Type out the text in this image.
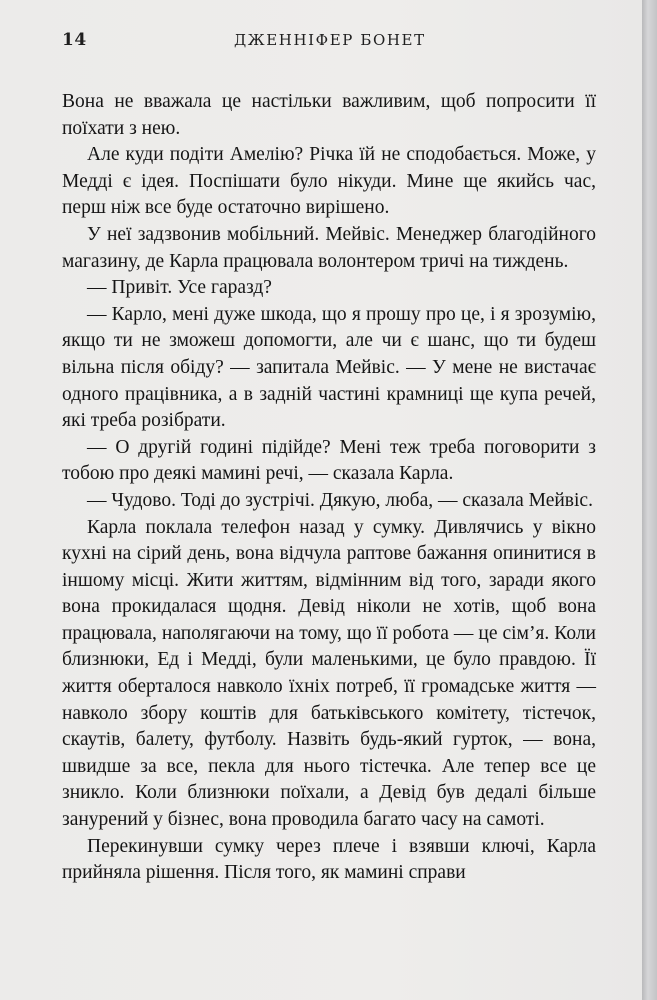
14	ДЖЕННІФЕР БОНЕТ

Вона не вважала це настільки важливим, щоб попросити її поїхати з нею.

Але куди подіти Амелію? Річка їй не сподобається. Може, у Медді є ідея. Поспішати було нікуди. Мине ще якийсь час, перш ніж все буде остаточно вирішено.

У неї задзвонив мобільний. Мейвіс. Менеджер благодійного магазину, де Карла працювала волонтером тричі на тиждень.

— Привіт. Усе гаразд?

— Карло, мені дуже шкода, що я прошу про це, і я зрозумію, якщо ти не зможеш допомогти, але чи є шанс, що ти будеш вільна після обіду? — запитала Мейвіс. — У мене не вистачає одного працівника, а в задній частині крамниці ще купа речей, які треба розібрати.

— О другій годині підійде? Мені теж треба поговорити з тобою про деякі мамині речі, — сказала Карла.

— Чудово. Тоді до зустрічі. Дякую, люба, — сказала Мейвіс.

Карла поклала телефон назад у сумку. Дивлячись у вікно кухні на сірий день, вона відчула раптове бажання опинитися в іншому місці. Жити життям, відмінним від того, заради якого вона прокидалася щодня. Девід ніколи не хотів, щоб вона працювала, наполягаючи на тому, що її робота — це сім’я. Коли близнюки, Ед і Медді, були маленькими, це було правдою. Її життя оберталося навколо їхніх потреб, її громадське життя — навколо збору коштів для батьківського комітету, тістечок, скаутів, балету, футболу. Назвіть будь-який гурток, — вона, швидше за все, пекла для нього тістечка. Але тепер все це зникло. Коли близнюки поїхали, а Девід був дедалі більше занурений у бізнес, вона проводила багато часу на самоті.

Перекинувши сумку через плече і взявши ключі, Карла прийняла рішення. Після того, як мамині справи
